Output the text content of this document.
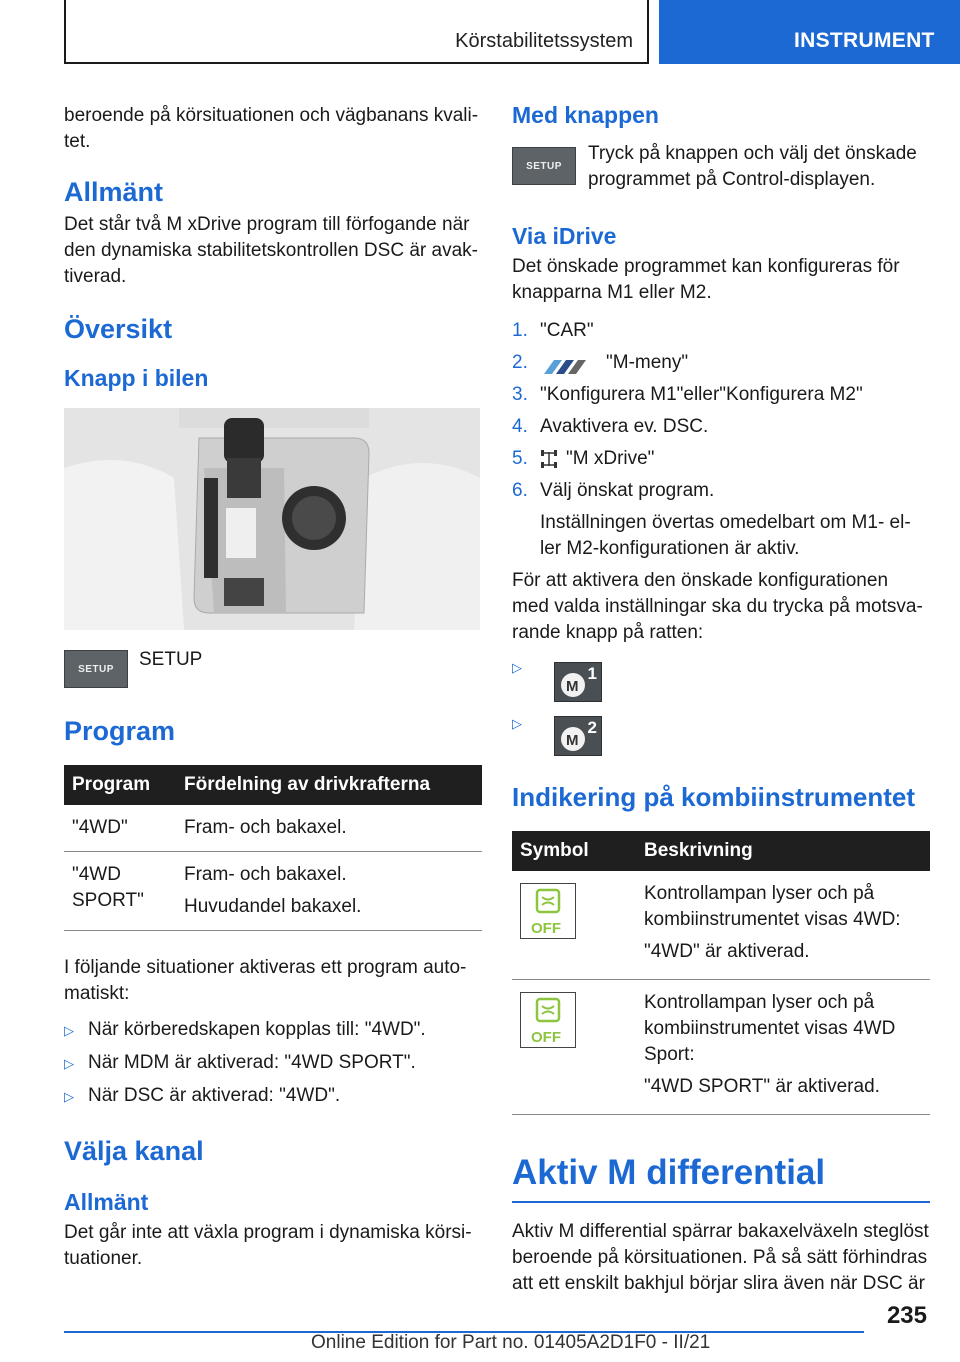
Körstabilitetssystem	INSTRUMENT

beroende på körsituationen och vägbanans kvali-tet.

Allmänt

Det står två M xDrive program till förfogande när den dynamiska stabilitetskontrollen DSC är avak-tiverad.

Översikt
Knapp i bilen
SETUP	SETUP

Program
Program	Fördelning av drivkrafterna
"4WD"	Fram- och bakaxel.

"4WD SPORT"	Fram- och bakaxel.
Huvudandel bakaxel.

I följande situationer aktiveras ett program auto-matiskt:

▷ När körberedskapen kopplas till: "4WD".
▷ När MDM är aktiverad: "4WD SPORT".
▷ När DSC är aktiverad: "4WD".
Välja kanal
Allmänt

Det går inte att växla program i dynamiska körsi-tuationer.

Med knappen
SETUP

Tryck på knappen och välj det önskade programmet på Control-displayen.

Via iDrive

Det önskade programmet kan konfigureras för knapparna M1 eller M2.

1. "CAR"
2.	"M-meny"
3. "Konfigurera M1"eller"Konfigurera M2"
4. Avaktivera ev. DSC.
5. "M xDrive"
6. Välj önskat program.

Inställningen övertas omedelbart om M1- el-ler M2-konfigurationen är aktiv.

För att aktivera den önskade konfigurationen med valda inställningar ska du trycka på motsva-rande knapp på ratten:

▷
M
1
▷
M
2
Indikering på kombiinstrumentet
Symbol	Beskrivning

OFF	Kontrollampan lyser och på kombiinstrumentet visas 4WD:
"4WD" är aktiverad.

OFF	Kontrollampan lyser och på kombiinstrumentet visas 4WD Sport:
"4WD SPORT" är aktiverad.
Aktiv M differential

Aktiv M differential spärrar bakaxelväxeln steglöst beroende på körsituationen. På så sätt förhindras att ett enskilt bakhjul börjar slira även när DSC är

235
Online Edition for Part no. 01405A2D1F0 - II/21
